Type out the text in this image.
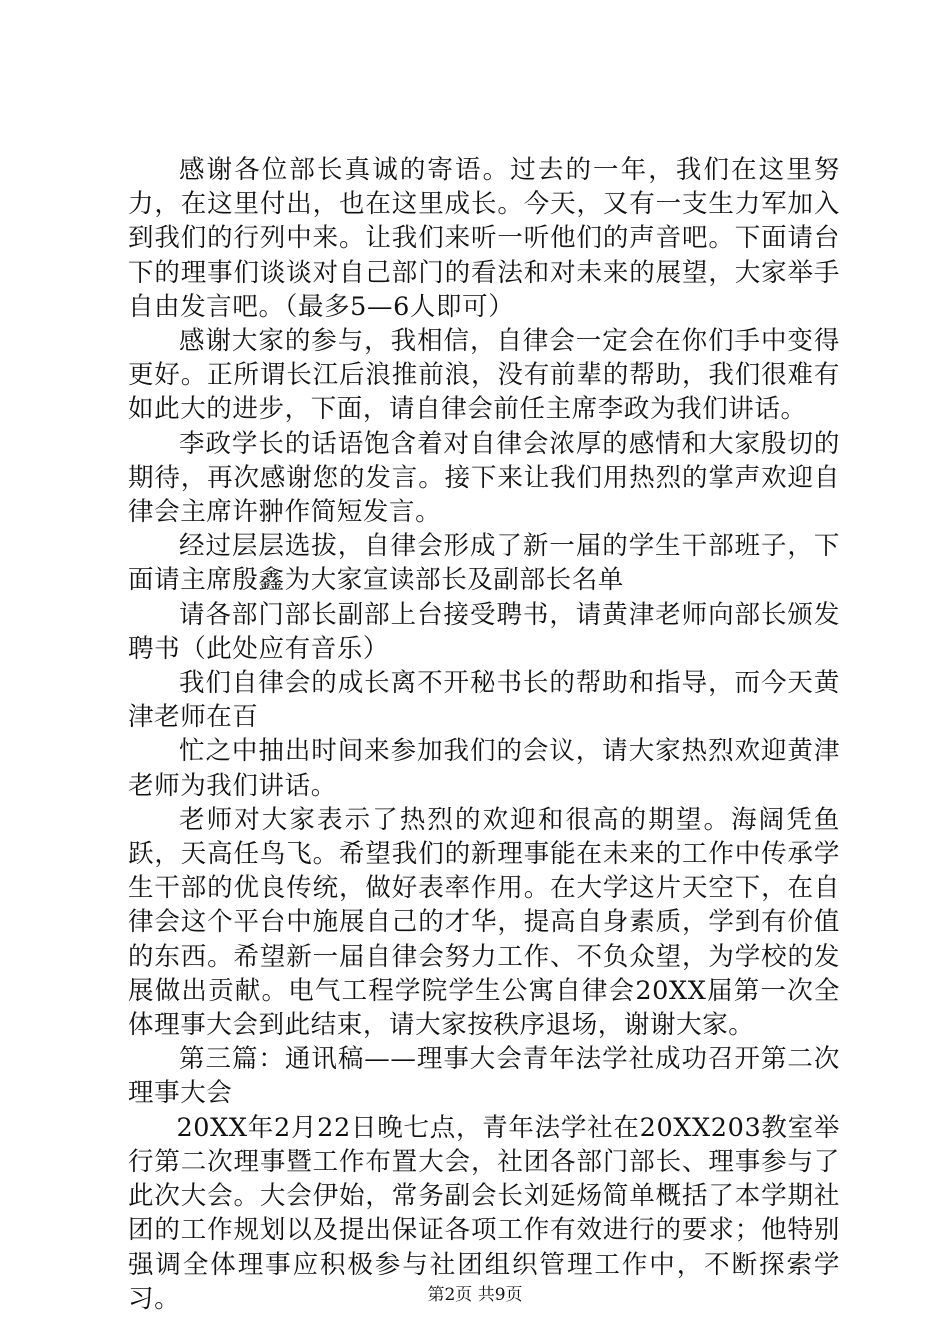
感谢各位部长真诚的寄语。过去的一年，我们在这里努力，在这里付出，也在这里成长。今天，又有一支生力军加入到我们的行列中来。让我们来听一听他们的声音吧。下面请台下的理事们谈谈对自己部门的看法和对未来的展望，大家举手自由发言吧。（最多5—6人即可）

感谢大家的参与，我相信，自律会一定会在你们手中变得更好。正所谓长江后浪推前浪，没有前辈的帮助，我们很难有如此大的进步，下面，请自律会前任主席李政为我们讲话。

李政学长的话语饱含着对自律会浓厚的感情和大家殷切的期待，再次感谢您的发言。接下来让我们用热烈的掌声欢迎自律会主席许翀作简短发言。

经过层层选拔，自律会形成了新一届的学生干部班子，下面请主席殷鑫为大家宣读部长及副部长名单

请各部门部长副部上台接受聘书，请黄津老师向部长颁发聘书（此处应有音乐）

我们自律会的成长离不开秘书长的帮助和指导，而今天黄津老师在百

忙之中抽出时间来参加我们的会议，请大家热烈欢迎黄津老师为我们讲话。

老师对大家表示了热烈的欢迎和很高的期望。海阔凭鱼跃，天高任鸟飞。希望我们的新理事能在未来的工作中传承学生干部的优良传统，做好表率作用。在大学这片天空下，在自律会这个平台中施展自己的才华，提高自身素质，学到有价值的东西。希望新一届自律会努力工作、不负众望，为学校的发展做出贡献。电气工程学院学生公寓自律会20XX届第一次全体理事大会到此结束，请大家按秩序退场，谢谢大家。

第三篇：通讯稿——理事大会青年法学社成功召开第二次理事大会

20XX年2月22日晚七点，青年法学社在20XX203教室举行第二次理事暨工作布置大会，社团各部门部长、理事参与了此次大会。大会伊始，常务副会长刘延炀简单概括了本学期社团的工作规划以及提出保证各项工作有效进行的要求；他特别强调全体理事应积极参与社团组织管理工作中，不断探索学习。	第2页 共9页
